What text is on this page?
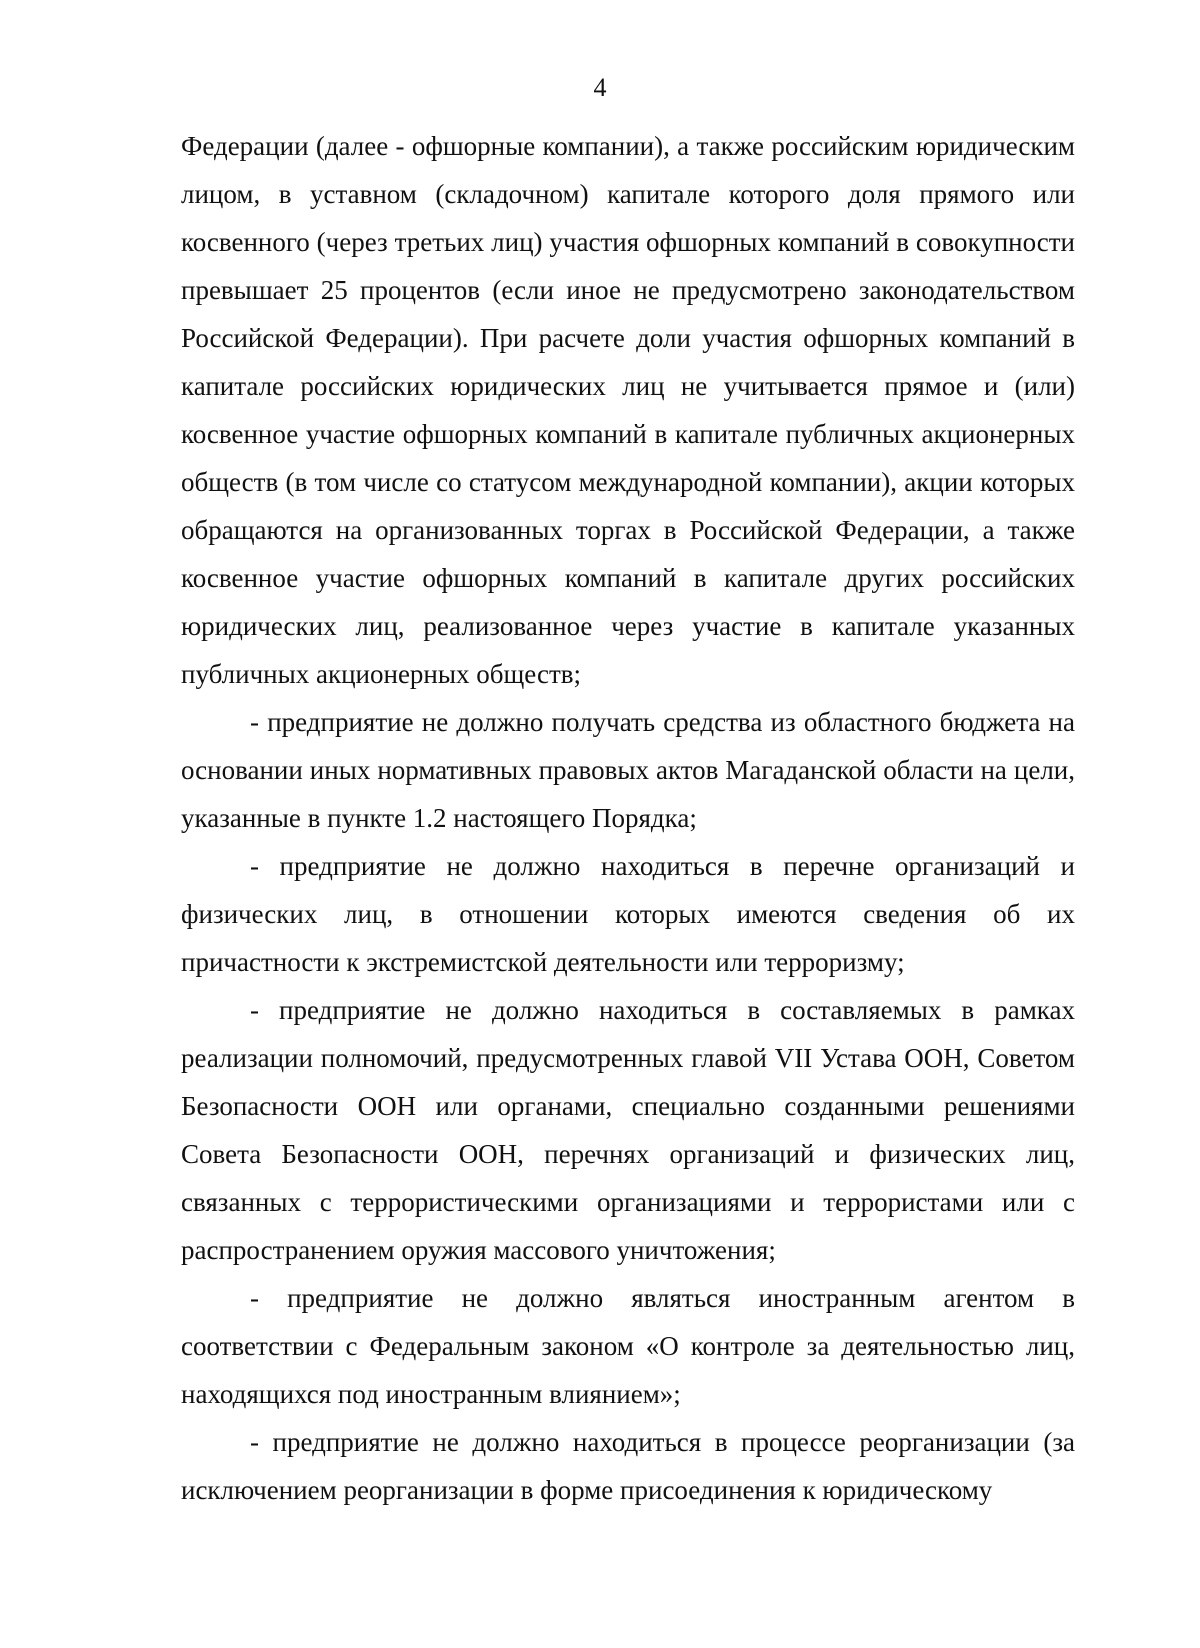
4

Федерации (далее - офшорные компании), а также российским юридическим лицом, в уставном (складочном) капитале которого доля прямого или косвенного (через третьих лиц) участия офшорных компаний в совокупности превышает 25 процентов (если иное не предусмотрено законодательством Российской Федерации). При расчете доли участия офшорных компаний в капитале российских юридических лиц не учитывается прямое и (или) косвенное участие офшорных компаний в капитале публичных акционерных обществ (в том числе со статусом международной компании), акции которых обращаются на организованных торгах в Российской Федерации, а также косвенное участие офшорных компаний в капитале других российских юридических лиц, реализованное через участие в капитале указанных публичных акционерных обществ;

- предприятие не должно получать средства из областного бюджета на основании иных нормативных правовых актов Магаданской области на цели, указанные в пункте 1.2 настоящего Порядка;

- предприятие не должно находиться в перечне организаций и физических лиц, в отношении которых имеются сведения об их причастности к экстремистской деятельности или терроризму;

- предприятие не должно находиться в составляемых в рамках реализации полномочий, предусмотренных главой VII Устава ООН, Советом Безопасности ООН или органами, специально созданными решениями Совета Безопасности ООН, перечнях организаций и физических лиц, связанных с террористическими организациями и террористами или с распространением оружия массового уничтожения;

- предприятие не должно являться иностранным агентом в соответствии с Федеральным законом «О контроле за деятельностью лиц, находящихся под иностранным влиянием»;

- предприятие не должно находиться в процессе реорганизации (за исключением реорганизации в форме присоединения к юридическому
